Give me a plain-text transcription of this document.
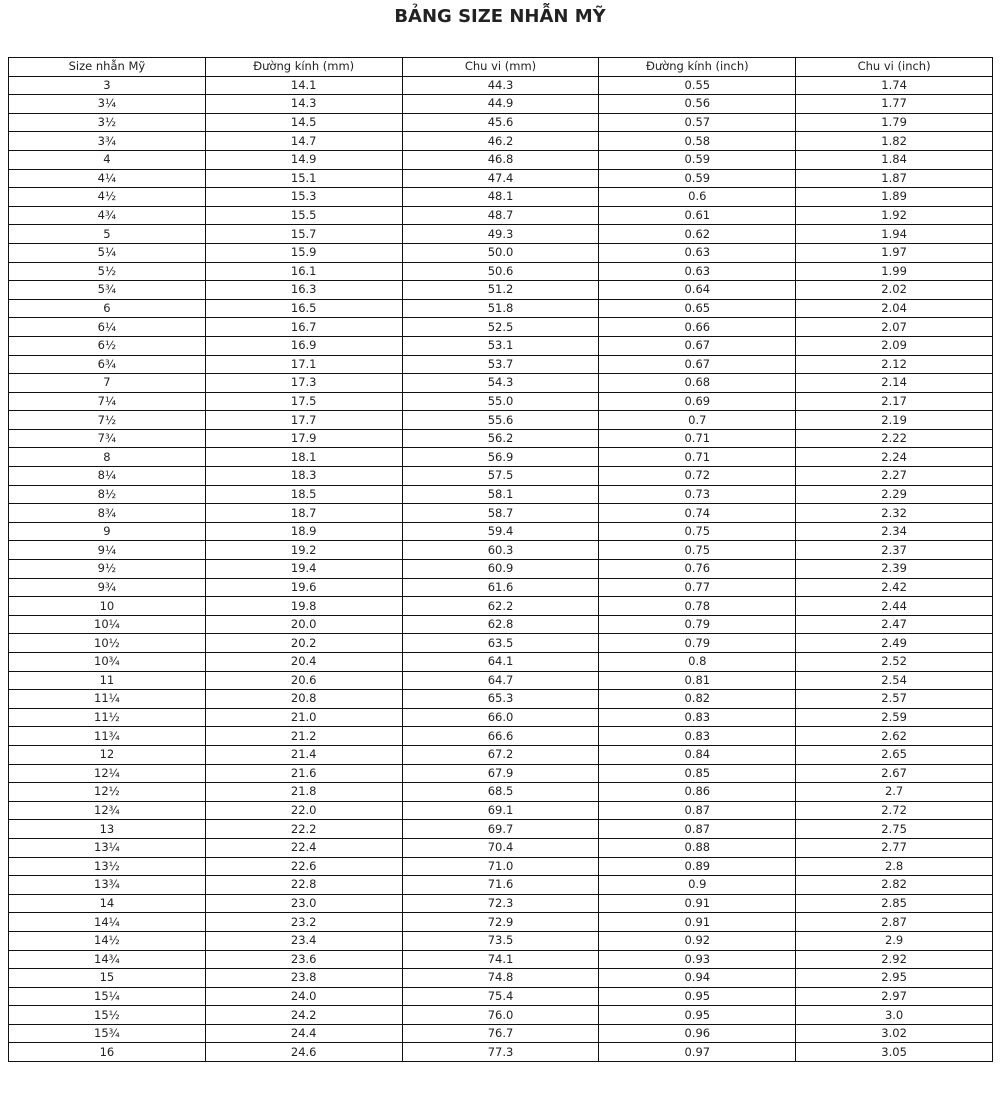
BẢNG SIZE NHẪN MỸ
Size nhẫn Mỹ	Đường kính (mm)	Chu vi (mm)	Đường kính (inch)	Chu vi (inch)
3	14.1	44.3	0.55	1.74
3¼	14.3	44.9	0.56	1.77
3½	14.5	45.6	0.57	1.79
3¾	14.7	46.2	0.58	1.82
4	14.9	46.8	0.59	1.84
4¼	15.1	47.4	0.59	1.87
4½	15.3	48.1	0.6	1.89
4¾	15.5	48.7	0.61	1.92
5	15.7	49.3	0.62	1.94
5¼	15.9	50.0	0.63	1.97
5½	16.1	50.6	0.63	1.99
5¾	16.3	51.2	0.64	2.02
6	16.5	51.8	0.65	2.04
6¼	16.7	52.5	0.66	2.07
6½	16.9	53.1	0.67	2.09
6¾	17.1	53.7	0.67	2.12
7	17.3	54.3	0.68	2.14
7¼	17.5	55.0	0.69	2.17
7½	17.7	55.6	0.7	2.19
7¾	17.9	56.2	0.71	2.22
8	18.1	56.9	0.71	2.24
8¼	18.3	57.5	0.72	2.27
8½	18.5	58.1	0.73	2.29
8¾	18.7	58.7	0.74	2.32
9	18.9	59.4	0.75	2.34
9¼	19.2	60.3	0.75	2.37
9½	19.4	60.9	0.76	2.39
9¾	19.6	61.6	0.77	2.42
10	19.8	62.2	0.78	2.44
10¼	20.0	62.8	0.79	2.47
10½	20.2	63.5	0.79	2.49
10¾	20.4	64.1	0.8	2.52
11	20.6	64.7	0.81	2.54
11¼	20.8	65.3	0.82	2.57
11½	21.0	66.0	0.83	2.59
11¾	21.2	66.6	0.83	2.62
12	21.4	67.2	0.84	2.65
12¼	21.6	67.9	0.85	2.67
12½	21.8	68.5	0.86	2.7
12¾	22.0	69.1	0.87	2.72
13	22.2	69.7	0.87	2.75
13¼	22.4	70.4	0.88	2.77
13½	22.6	71.0	0.89	2.8
13¾	22.8	71.6	0.9	2.82
14	23.0	72.3	0.91	2.85
14¼	23.2	72.9	0.91	2.87
14½	23.4	73.5	0.92	2.9
14¾	23.6	74.1	0.93	2.92
15	23.8	74.8	0.94	2.95
15¼	24.0	75.4	0.95	2.97
15½	24.2	76.0	0.95	3.0
15¾	24.4	76.7	0.96	3.02
16	24.6	77.3	0.97	3.05
